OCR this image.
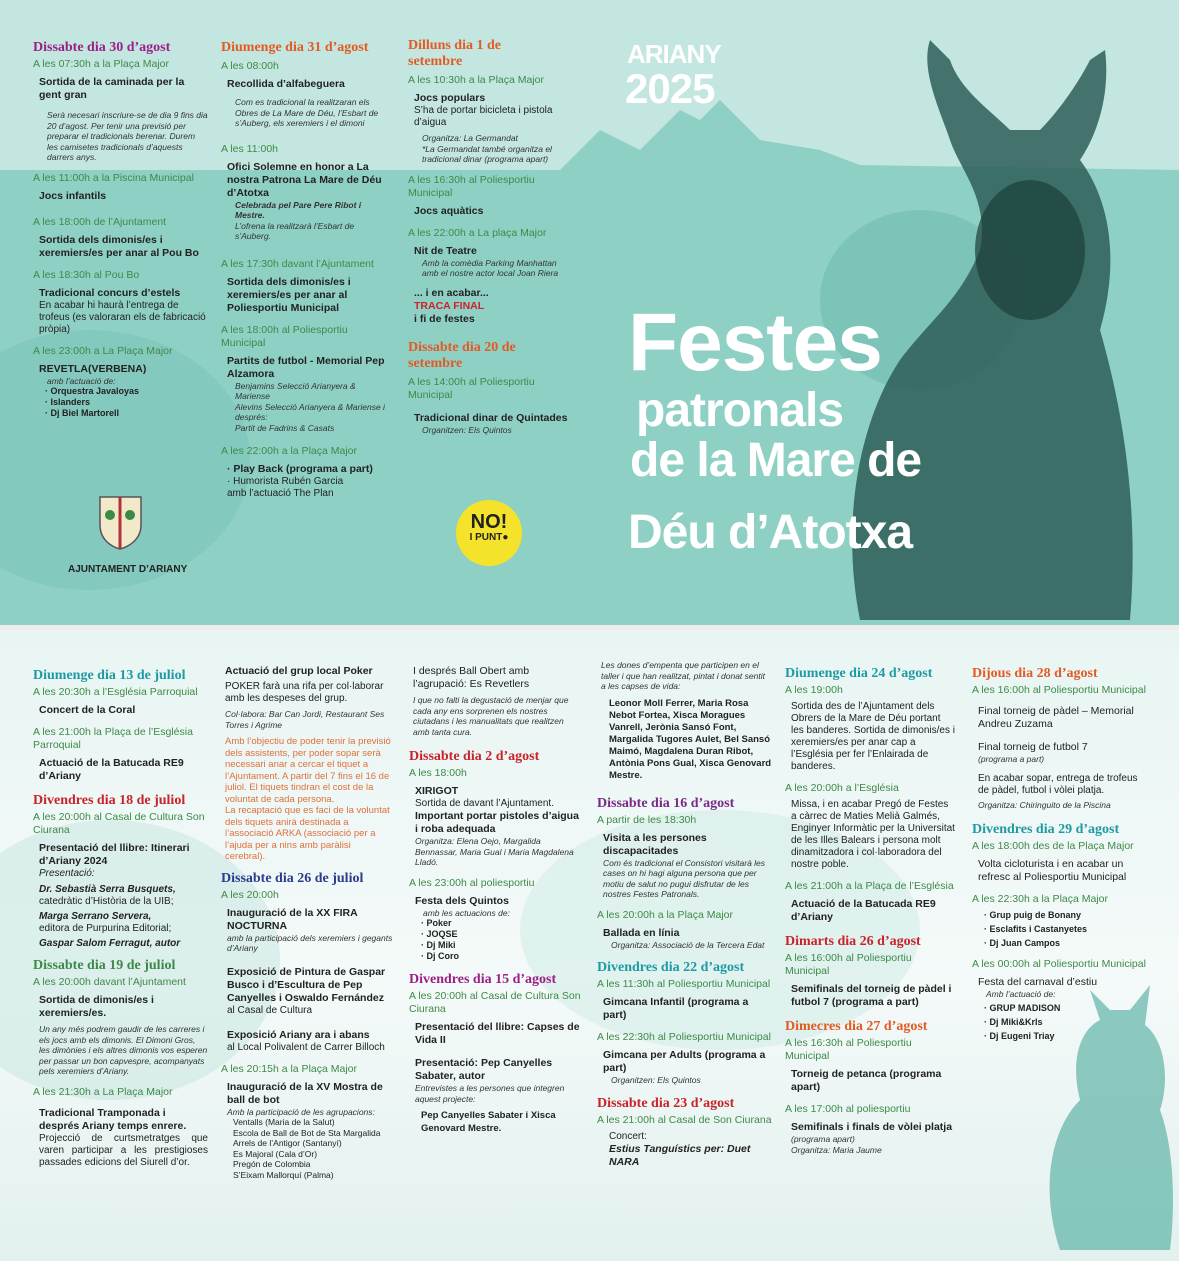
Dissabte dia 30 d’agost
A les 07:30h a la Plaça Major
Sortida de la caminada per la gent gran
Serà necesari inscriure-se de dia 9 fins dia 20 d’agost. Per tenir una previsió per preparar el tradicionals berenar. Durem les camisetes tradicionals d’aquests darrers anys.
A les 11:00h a la Piscina Municipal
Jocs infantils
A les 18:00h de l’Ajuntament
Sortida dels dimonis/es i xeremiers/es per anar al Pou Bo
A les 18:30h al Pou Bo
Tradicional concurs d’estels
En acabar hi haurà l’entrega de trofeus (es valoraran els de fabricació pròpia)
A les 23:00h a La Plaça Major
REVETLA(VERBENA)
amb l’actuació de:
· Orquestra Javaloyas
· Islanders
· Dj Biel Martorell
Diumenge dia 31 d’agost
A les 08:00h
Recollida d’alfabeguera
Com es tradicional la realitzaran els Obres de La Mare de Déu, l’Esbart de s’Auberg, els xeremiers i el dimoni
A les 11:00h
Ofici Solemne en honor a La nostra Patrona La Mare de Déu d’Atotxa
Celebrada pel Pare Pere Ribot i Mestre.
L’ofrena la realitzarà l’Esbart de s’Auberg.
A les 17:30h davant l’Ajuntament
Sortida dels dimonis/es i xeremiers/es per anar al Poliesportiu Municipal
A les 18:00h al Poliesportiu Municipal
Partits de futbol - Memorial Pep Alzamora
Benjamins Selecció Arianyera & Mariense
Alevins Selecció Arianyera & Mariense i després:
Partit de Fadrins & Casats
A les 22:00h a la Plaça Major
· Play Back (programa a part)
· Humorista Rubén Garcia
amb l’actuació The Plan
Dilluns dia 1 de setembre
A les 10:30h a la Plaça Major
Jocs populars
S’ha de portar bicicleta i pistola d’aigua
Organitza: La Germandat
*La Germandat també organitza el tradicional dinar (programa apart)
A les 16:30h al Poliesportiu Municipal
Jocs aquàtics
A les 22:00h a La plaça Major
Nit de Teatre
Amb la comèdia Parking Manhattan amb el nostre actor local Joan Riera
... i en acabar...
TRACA FINAL
i fi de festes
Dissabte dia 20 de setembre
A les 14:00h al Poliesportiu Municipal
Tradicional dinar de Quintades
Organitzen: Els Quintos
AJUNTAMENT D’ARIANY
NO!
I PUNT●
ARIANY
2025
Festes
patronals
de la Mare de
Déu d’Atotxa
Diumenge dia 13 de juliol
A les 20:30h a l’Església Parroquial
Concert de la Coral
A les 21:00h la Plaça de l’Església Parroquial
Actuació de la Batucada RE9 d’Ariany
Divendres dia 18 de juliol
A les 20:00h al Casal de Cultura Son Ciurana
Presentació del llibre: Itinerari d’Ariany 2024
Presentació:
Dr. Sebastià Serra Busquets,
catedràtic d’Història de la UIB;
Marga Serrano Servera,
editora de Purpurina Editorial;
Gaspar Salom Ferragut, autor
Dissabte dia 19 de juliol
A les 20:00h davant l’Ajuntament
Sortida de dimonis/es i xeremiers/es.
Un any més podrem gaudir de les carreres i els jocs amb els dimonis. El Dimoni Gros, les dimònies i els altres dimonis vos esperen per passar un bon capvespre, acompanyats pels xeremiers d’Ariany.
A les 21:30h a La Plaça Major
Tradicional Tramponada i després Ariany temps enrere.
Projecció de curtsmetratges que varen participar a les prestigioses passades edicions del Siurell d’or.
Actuació del grup local Poker
POKER farà una rifa per col·laborar amb les despeses del grup.
Col·labora: Bar Can Jordi, Restaurant Ses Torres i Agrime
Amb l’objectiu de poder tenir la previsió dels assistents, per poder sopar serà necessari anar a cercar el tiquet a l’Ajuntament. A partir del 7 fins el 16 de juliol. El tiquets tindran el cost de la voluntat de cada persona.
La recaptació que es faci de la voluntat dels tiquets anirà destinada a l’associació ARKA (associació per a l’ajuda per a nins amb paràlisi cerebral).
Dissabte dia 26 de juliol
A les 20:00h
Inauguració de la XX FIRA NOCTURNA
amb la participació dels xeremiers i gegants d’Ariany
Exposició de Pintura de Gaspar Busco i d’Escultura de Pep Canyelles i Oswaldo Fernández
al Casal de Cultura
Exposició Ariany ara i abans
al Local Polivalent de Carrer Billoch
A les 20:15h a la Plaça Major
Inauguració de la XV Mostra de ball de bot
Amb la participació de les agrupacions:
Ventalls (Maria de la Salut)
Escola de Ball de Bot de Sta Margalida
Arrels de l’Antigor (Santanyí)
Es Majoral (Cala d’Or)
Pregón de Colombia
S’Eixam Mallorquí (Palma)
I després Ball Obert amb l’agrupació: Es Revetlers
I que no falti la degustació de menjar que cada any ens sorprenen els nostres ciutadans i les manualitats que realitzen amb tanta cura.
Dissabte dia 2 d’agost
A les 18:00h
XIRIGOT
Sortida de davant l’Ajuntament.
Important portar pistoles d’aigua i roba adequada
Organitza: Elena Oejo, Margalida Bennassar, Maria Gual i Maria Magdalena Lladó.
A les 23:00h al poliesportiu
Festa dels Quintos
amb les actuacions de:
· Poker
· JOQSE
· Dj Miki
· Dj Coro
Divendres dia 15 d’agost
A les 20:00h al Casal de Cultura Son Ciurana
Presentació del llibre: Capses de Vida II
Presentació: Pep Canyelles Sabater, autor
Entrevistes a les persones que integren aquest projecte:
Pep Canyelles Sabater i Xisca Genovard Mestre.
Les dones d’empenta que participen en el taller i que han realitzat, pintat i donat sentit a les capses de vida:
Leonor Moll Ferrer, Maria Rosa Nebot Fortea, Xisca Moragues Vanrell, Jerònia Sansó Font, Margalida Tugores Aulet, Bel Sansó Maimó, Magdalena Duran Ribot, Antònia Pons Gual, Xisca Genovard Mestre.
Dissabte dia 16 d’agost
A partir de les 18:30h
Visita a les persones discapacitades
Com és tradicional el Consistori visitarà les cases on hi hagi alguna persona que per motiu de salut no pugui disfrutar de les nostres Festes Patronals.
A les 20:00h a la Plaça Major
Ballada en línia
Organitza: Associació de la Tercera Edat
Divendres dia 22 d’agost
A les 11:30h al Poliesportiu Municipal
Gimcana Infantil (programa a part)
A les 22:30h al Poliesportiu Municipal
Gimcana per Adults (programa a part)
Organitzen: Els Quintos
Dissabte dia 23 d’agost
A les 21:00h al Casal de Son Ciurana
Concert:
Estius Tanguístics per: Duet NARA
Diumenge dia 24 d’agost
A les 19:00h
Sortida des de l’Ajuntament dels Obrers de la Mare de Déu portant les banderes. Sortida de dimonis/es i xeremiers/es per anar cap a l’Església per fer l’Enlairada de banderes.
A les 20:00h a l’Església
Missa, i en acabar Pregó de Festes a càrrec de Maties Melià Galmés, Enginyer Informàtic per la Universitat de les Illes Balears i persona molt dinamitzadora i col·laboradora del nostre poble.
A les 21:00h a la Plaça de l’Església
Actuació de la Batucada RE9 d’Ariany
Dimarts dia 26 d’agost
A les 16:00h al Poliesportiu Municipal
Semifinals del torneig de pàdel i futbol 7 (programa a part)
Dimecres dia 27 d’agost
A les 16:30h al Poliesportiu Municipal
Torneig de petanca (programa apart)
A les 17:00h al poliesportiu
Semifinals i finals de vòlei platja
(programa apart)
Organitza: Maria Jaume
Dijous dia 28 d’agost
A les 16:00h al Poliesportiu Municipal
Final torneig de pàdel – Memorial Andreu Zuzama
Final torneig de futbol 7
(programa a part)
En acabar sopar, entrega de trofeus de pàdel, futbol i vòlei platja.
Organitza: Chiringuito de la Piscina
Divendres dia 29 d’agost
A les 18:00h des de la Plaça Major
Volta cicloturista i en acabar un refresc al Poliesportiu Municipal
A les 22:30h a la Plaça Major
· Grup puig de Bonany
· Esclafits i Castanyetes
· Dj Juan Campos
A les 00:00h al Poliesportiu Municipal
Festa del carnaval d’estiu
Amb l’actuació de:
· GRUP MADISON
· Dj Miki&Krls
· Dj Eugeni Triay
